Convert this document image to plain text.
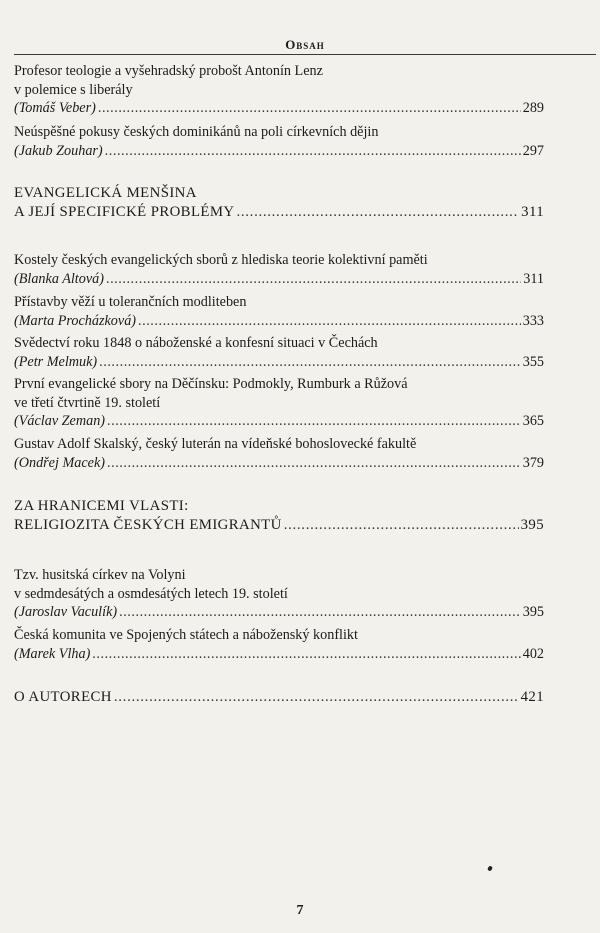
Obsah
Profesor teologie a vyšehradský probošt Antonín Lenz
v polemice s liberály
(Tomáš Veber) . . .	289
Neúspěšné pokusy českých dominikánů na poli církevních dějin
(Jakub Zouhar) . . .	297
EVANGELICKÁ MENŠINA
A JEJÍ SPECIFICKÉ PROBLÉMY . . .	311
Kostely českých evangelických sborů z hlediska teorie kolektivní paměti
(Blanka Altová) . . .	311
Přístavby věží u tolerančních modliteben
(Marta Procházková) . . .	333
Svědectví roku 1848 o náboženské a konfesní situaci v Čechách
(Petr Melmuk) . . .	355
První evangelické sbory na Děčínsku: Podmokly, Rumburk a Růžová
ve třetí čtvrtině 19. století
(Václav Zeman) . . .	365
Gustav Adolf Skalský, český luterán na vídeňské bohoslovecké fakultě
(Ondřej Macek) . . .	379
ZA HRANICEMI VLASTI:
RELIGIOZITA ČESKÝCH EMIGRANTŮ . . .	395
Tzv. husitská církev na Volyni
v sedmdesátých a osmdesátých letech 19. století
(Jaroslav Vaculík) . . .	395
Česká komunita ve Spojených státech a náboženský konflikt
(Marek Vlha) . . .	402
O AUTORECH . . .	421
7
